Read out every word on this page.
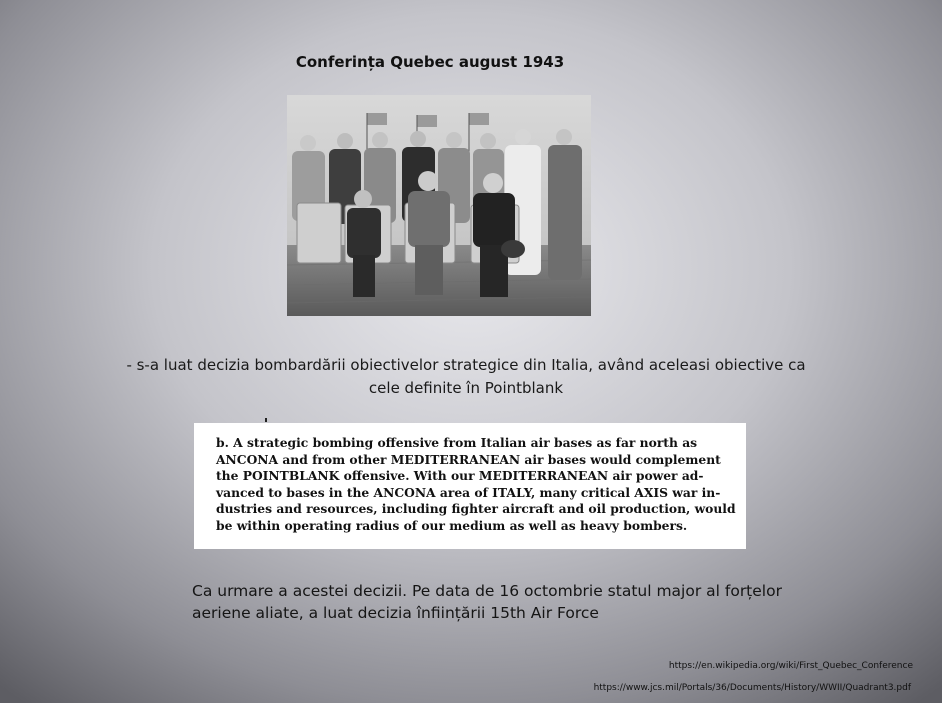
Conferința Quebec august 1943
- s-a luat decizia bombardării obiectivelor strategice din Italia, având aceleasi obiective ca cele definite în Pointblank
b. A strategic bombing offensive from Italian air bases as far north as
ANCONA and from other MEDITERRANEAN air bases would complement
the POINTBLANK offensive. With our MEDITERRANEAN air power ad-
vanced to bases in the ANCONA area of ITALY, many critical AXIS war in-
dustries and resources, including fighter aircraft and oil production, would
be within operating radius of our medium as well as heavy bombers.
Ca urmare a acestei decizii. Pe data de 16 octombrie statul major al forțelor aeriene aliate, a luat decizia înființării 15th Air Force
https://en.wikipedia.org/wiki/First_Quebec_Conference
https://www.jcs.mil/Portals/36/Documents/History/WWII/Quadrant3.pdf
